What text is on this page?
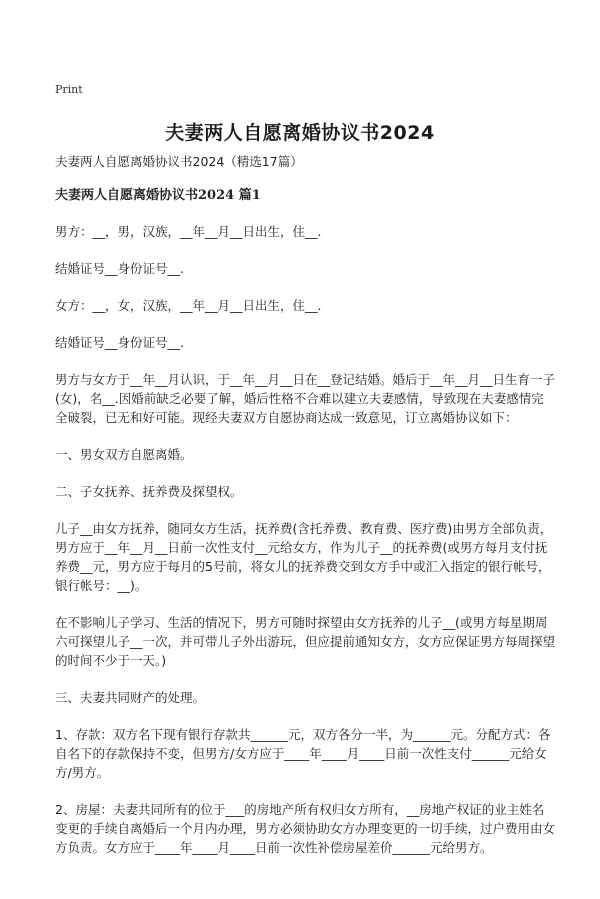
Print
夫妻两人自愿离婚协议书2024
夫妻两人自愿离婚协议书2024（精选17篇）
夫妻两人自愿离婚协议书2024 篇1
男方：__，男，汉族，__年__月__日出生，住__.
结婚证号__身份证号__.
女方：__，女，汉族，__年__月__日出生，住__.
结婚证号__身份证号__.
男方与女方于__年__月认识，于__年__月__日在__登记结婚。婚后于__年__月__日生育一子(女)，名__.因婚前缺乏必要了解，婚后性格不合难以建立夫妻感情，导致现在夫妻感情完全破裂，已无和好可能。现经夫妻双方自愿协商达成一致意见，订立离婚协议如下：
一、男女双方自愿离婚。
二、子女抚养、抚养费及探望权。
儿子__由女方抚养，随同女方生活，抚养费(含托养费、教育费、医疗费)由男方全部负责，男方应于__年__月__日前一次性支付__元给女方，作为儿子__的抚养费(或男方每月支付抚养费__元，男方应于每月的5号前，将女儿的抚养费交到女方手中或汇入指定的银行帐号，银行帐号：__)。
在不影响儿子学习、生活的情况下，男方可随时探望由女方抚养的儿子__(或男方每星期周六可探望儿子__一次，并可带儿子外出游玩，但应提前通知女方，女方应保证男方每周探望的时间不少于一天。)
三、夫妻共同财产的处理。
1、存款：双方名下现有银行存款共______元，双方各分一半，为______元。分配方式：各自名下的存款保持不变，但男方/女方应于____年____月____日前一次性支付______元给女方/男方。
2、房屋：夫妻共同所有的位于___的房地产所有权归女方所有，__房地产权证的业主姓名变更的手续自离婚后一个月内办理，男方必须协助女方办理变更的一切手续，过户费用由女方负责。女方应于____年____月____日前一次性补偿房屋差价______元给男方。
